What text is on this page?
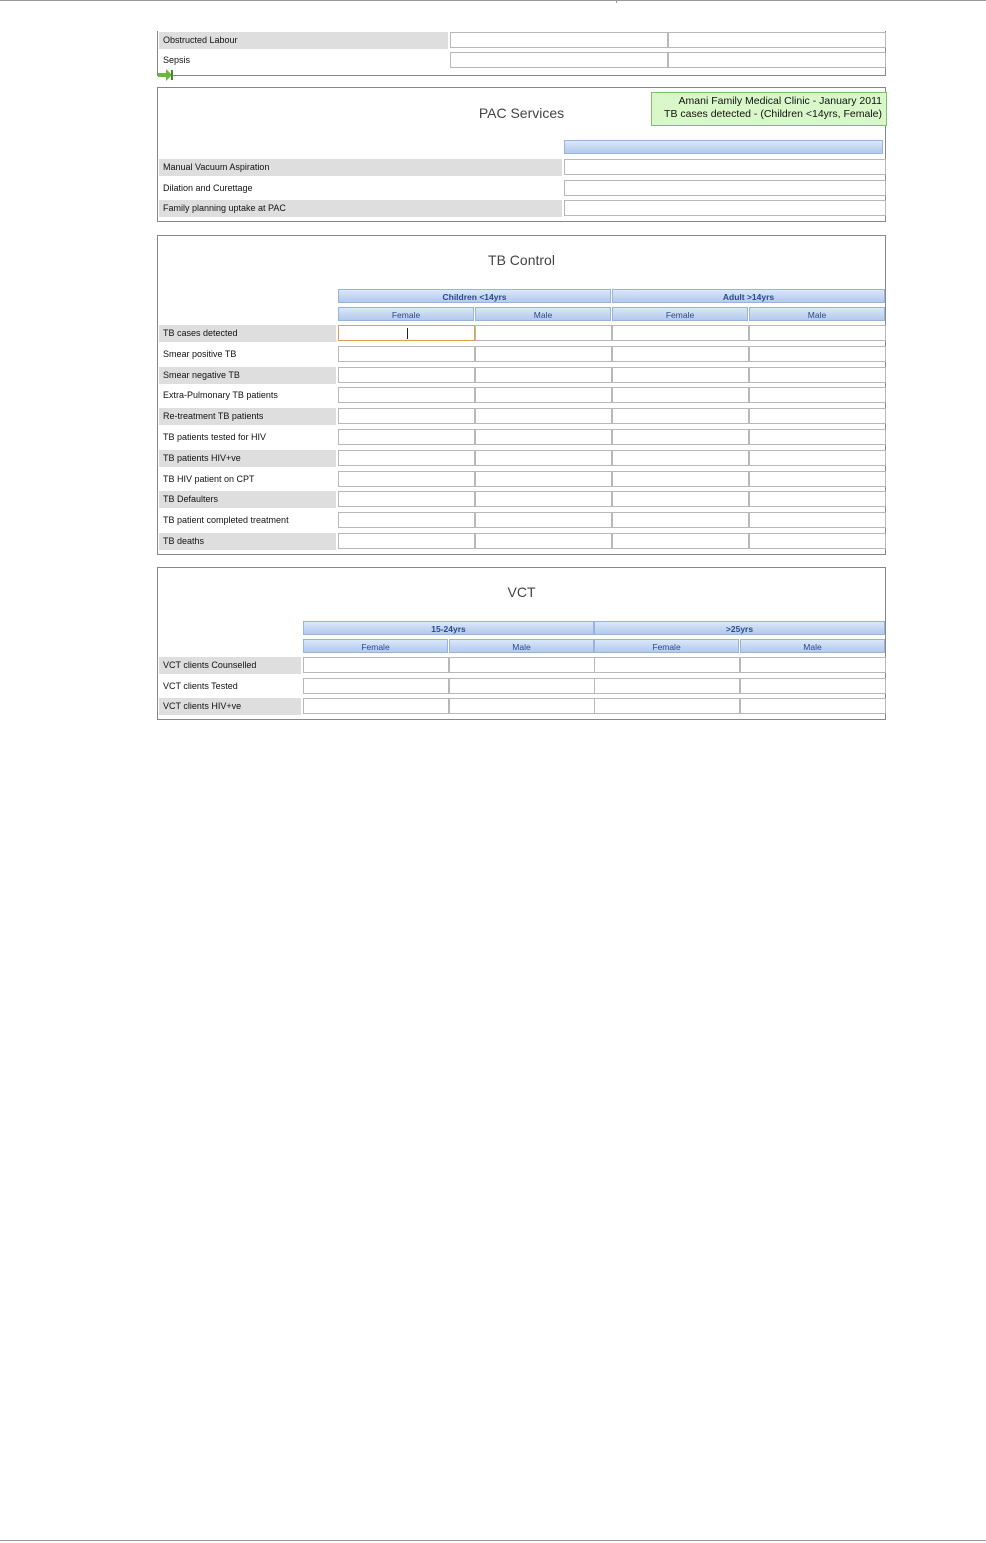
Obstructed Labour
Sepsis
PAC Services
Amani Family Medical Clinic - January 2011
TB cases detected - (Children <14yrs, Female)
Manual Vacuum Aspiration
Dilation and Curettage
Family planning uptake at PAC
TB Control
Children <14yrs	Adult >14yrs
Female	Male	Female	Male
TB cases detected
Smear positive TB
Smear negative TB
Extra-Pulmonary TB patients
Re-treatment TB patients
TB patients tested for HIV
TB patients HIV+ve
TB HIV patient on CPT
TB Defaulters
TB patient completed treatment
TB deaths
VCT
15-24yrs	>25yrs
Female	Male	Female	Male
VCT clients Counselled
VCT clients Tested
VCT clients HIV+ve
